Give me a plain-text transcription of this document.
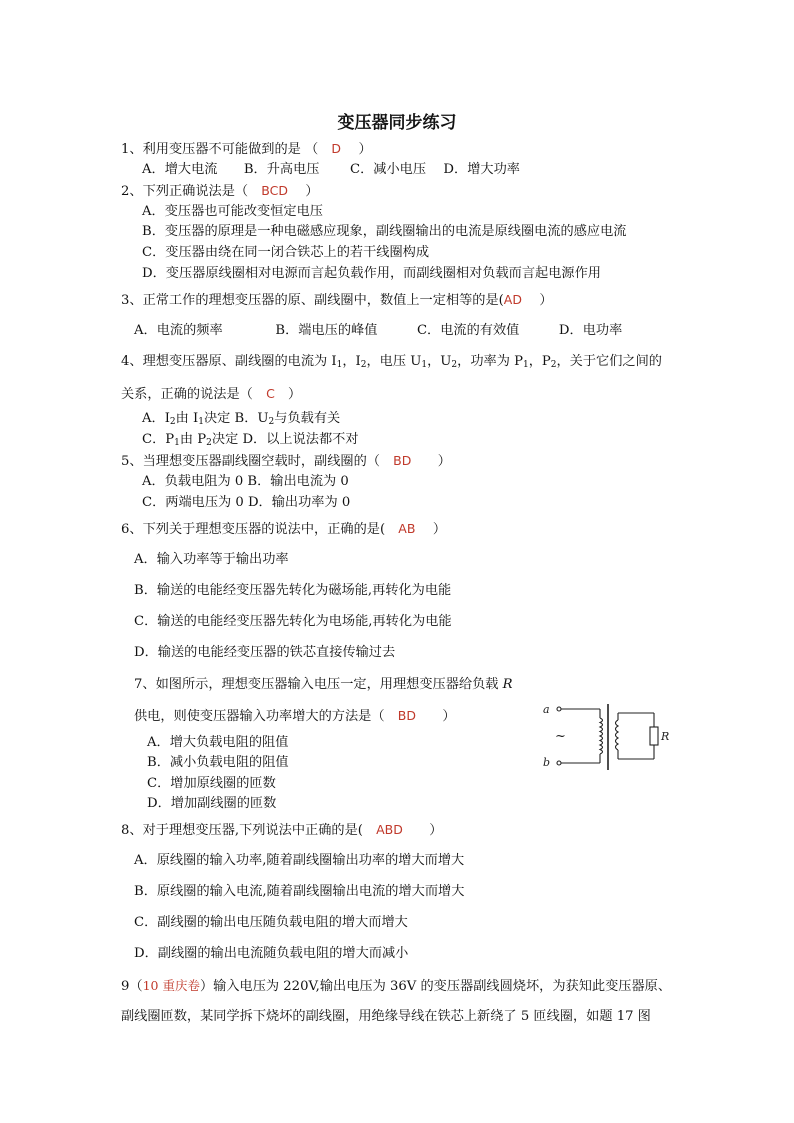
变压器同步练习
1、利用变压器不可能做到的是 （　 D　 ）
A．增大电流　　B．升高电压　　 C．减小电压　 D．增大功率
2、下列正确说法是（　 BCD　 ）
A．变压器也可能改变恒定电压
B．变压器的原理是一种电磁感应现象，副线圈输出的电流是原线圈电流的感应电流
C．变压器由绕在同一闭合铁芯上的若干线圈构成
D．变压器原线圈相对电源而言起负载作用，而副线圈相对负载而言起电源作用
3、正常工作的理想变压器的原、副线圈中，数值上一定相等的是(AD　 ）
A．电流的频率　　　　B．端电压的峰值　　　C．电流的有效值　　　D．电功率
4、理想变压器原、副线圈的电流为 $I_1$，$I_2$，电压 $U_1$，$U_2$，功率为 $P_1$，$P_2$，关于它们之间的
关系，正确的说法是（　 C　 ）
A．$I_2$由 $I_1$决定 B．$U_2$与负载有关
C．$P_1$由 $P_2$决定 D．以上说法都不对
5、当理想变压器副线圈空载时，副线圈的（　 BD　　 ）
A．负载电阻为 0 B．输出电流为 0
C．两端电压为 0 D．输出功率为 0
6、下列关于理想变压器的说法中，正确的是(　 AB　 ）
A．输入功率等于输出功率
B．输送的电能经变压器先转化为磁场能,再转化为电能
C．输送的电能经变压器先转化为电场能,再转化为电能
D．输送的电能经变压器的铁芯直接传输过去
7、如图所示，理想变压器输入电压一定，用理想变压器给负载 R
供电，则使变压器输入功率增大的方法是（　 BD　　 ）
A．增大负载电阻的阻值
B．减小负载电阻的阻值
C．增加原线圈的匝数
D．增加副线圈的匝数
a
b
~	R
8、对于理想变压器,下列说法中正确的是(　 ABD　　 ）
A．原线圈的输入功率,随着副线圈输出功率的增大而增大
B．原线圈的输入电流,随着副线圈输出电流的增大而增大
C．副线圈的输出电压随负载电阻的增大而增大
D．副线圈的输出电流随负载电阻的增大而减小
9（10 重庆卷）输入电压为 220V,输出电压为 36V 的变压器副线圆烧坏，为获知此变压器原、
副线圈匝数，某同学拆下烧坏的副线圈，用绝缘导线在铁芯上新绕了 5 匝线圈，如题 17 图
